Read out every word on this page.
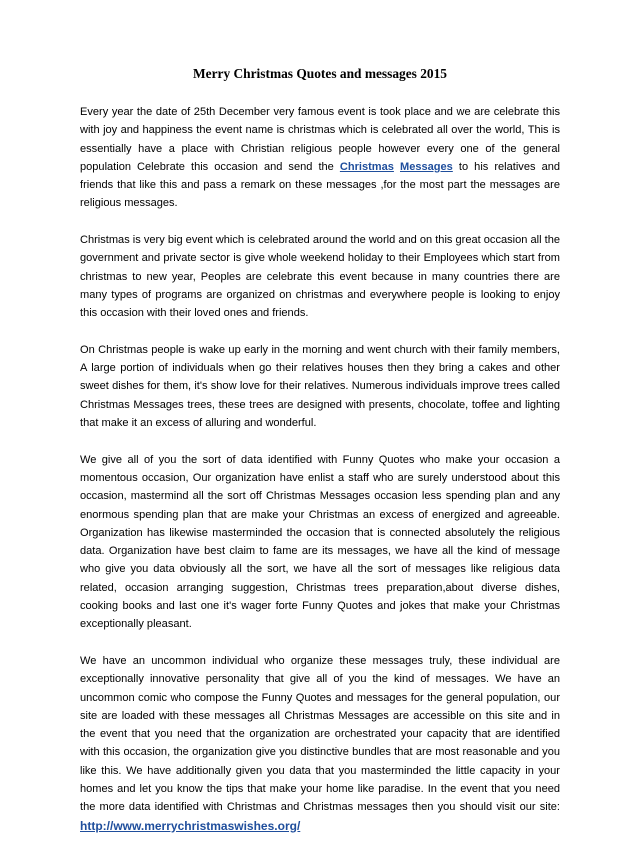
Merry Christmas Quotes and messages 2015

Every year the date of 25th December very famous event is took place and we are celebrate this with joy and happiness the event name is christmas which is celebrated all over the world, This is essentially have a place with Christian religious people however every one of the general population Celebrate this occasion and send the Christmas Messages to his relatives and friends that like this and pass a remark on these messages ,for the most part the messages are religious messages.

Christmas is very big event which is celebrated around the world and on this great occasion all the government and private sector is give whole weekend holiday to their Employees which start from christmas to new year, Peoples are celebrate this event because in many countries there are many types of programs are organized on christmas and everywhere people is looking to enjoy this occasion with their loved ones and friends.

On Christmas people is wake up early in the morning and went church with their family members, A large portion of individuals when go their relatives houses then they bring a cakes and other sweet dishes for them, it's show love for their relatives. Numerous individuals improve trees called Christmas Messages trees, these trees are designed with presents, chocolate, toffee and lighting that make it an excess of alluring and wonderful.

We give all of you the sort of data identified with Funny Quotes who make your occasion a momentous occasion, Our organization have enlist a staff who are surely understood about this occasion, mastermind all the sort off Christmas Messages occasion less spending plan and any enormous spending plan that are make your Christmas an excess of energized and agreeable. Organization has likewise masterminded the occasion that is connected absolutely the religious data. Organization have best claim to fame are its messages, we have all the kind of message who give you data obviously all the sort, we have all the sort of messages like religious data related, occasion arranging suggestion, Christmas trees preparation,about diverse dishes, cooking books and last one it's wager forte Funny Quotes and jokes that make your Christmas exceptionally pleasant.

We have an uncommon individual who organize these messages truly, these individual are exceptionally innovative personality that give all of you the kind of messages. We have an uncommon comic who compose the Funny Quotes and messages for the general population, our site are loaded with these messages all Christmas Messages are accessible on this site and in the event that you need that the organization are orchestrated your capacity that are identified with this occasion, the organization give you distinctive bundles that are most reasonable and you like this. We have additionally given you data that you masterminded the little capacity in your homes and let you know the tips that make your home like paradise. In the event that you need the more data identified with Christmas and Christmas messages then you should visit our site: http://www.merrychristmaswishes.org/
